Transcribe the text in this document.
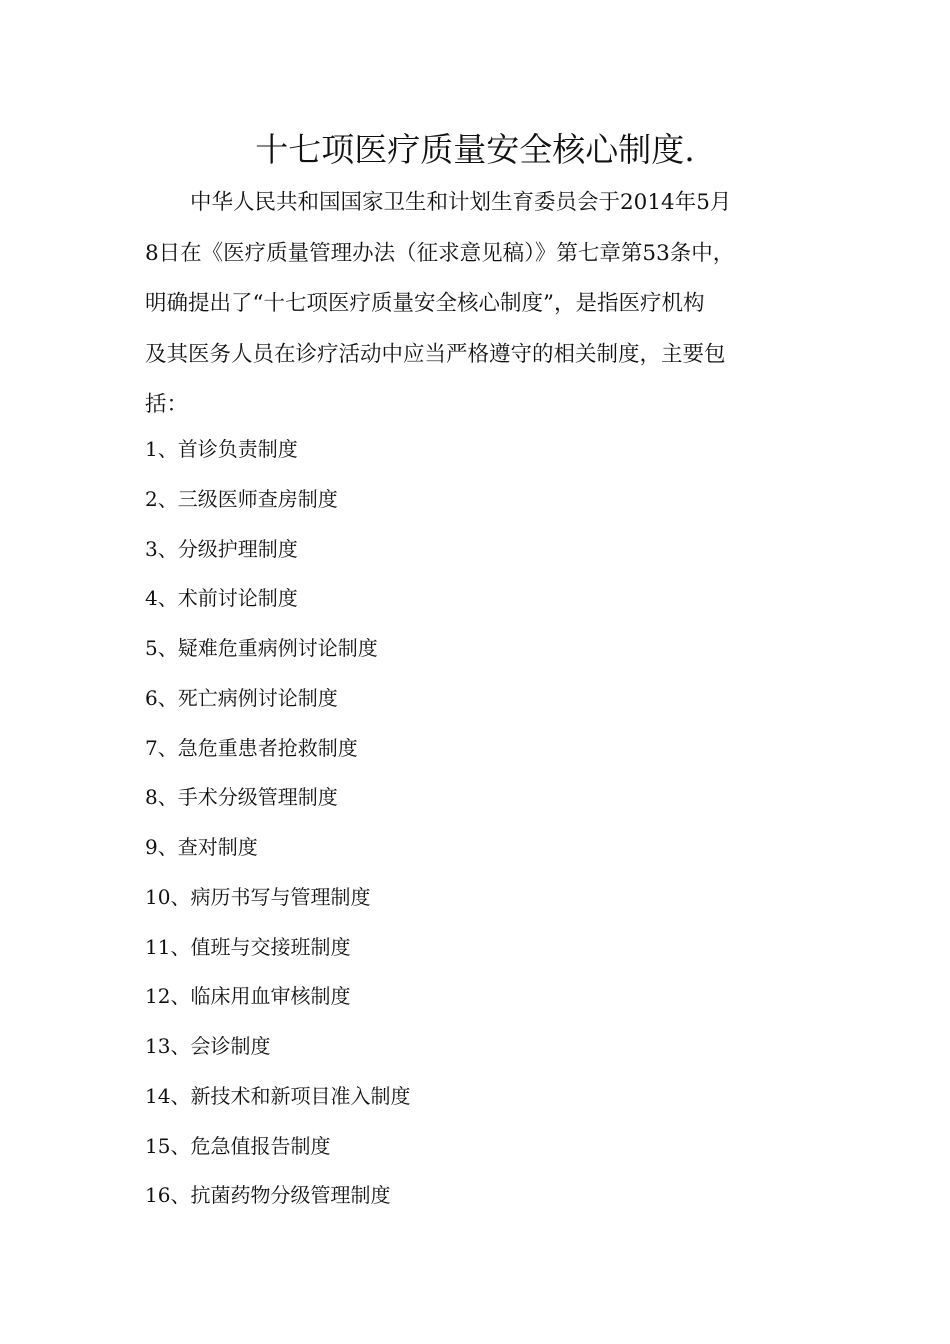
十七项医疗质量安全核心制度.
中华人民共和国国家卫生和计划生育委员会于2014年5月
8日在《医疗质量管理办法（征求意见稿）》第七章第53条中，
明确提出了“十七项医疗质量安全核心制度”，是指医疗机构
及其医务人员在诊疗活动中应当严格遵守的相关制度，主要包
括：
1、首诊负责制度
2、三级医师查房制度
3、分级护理制度
4、术前讨论制度
5、疑难危重病例讨论制度
6、死亡病例讨论制度
7、急危重患者抢救制度
8、手术分级管理制度
9、查对制度
10、病历书写与管理制度
11、值班与交接班制度
12、临床用血审核制度
13、会诊制度
14、新技术和新项目准入制度
15、危急值报告制度
16、抗菌药物分级管理制度
